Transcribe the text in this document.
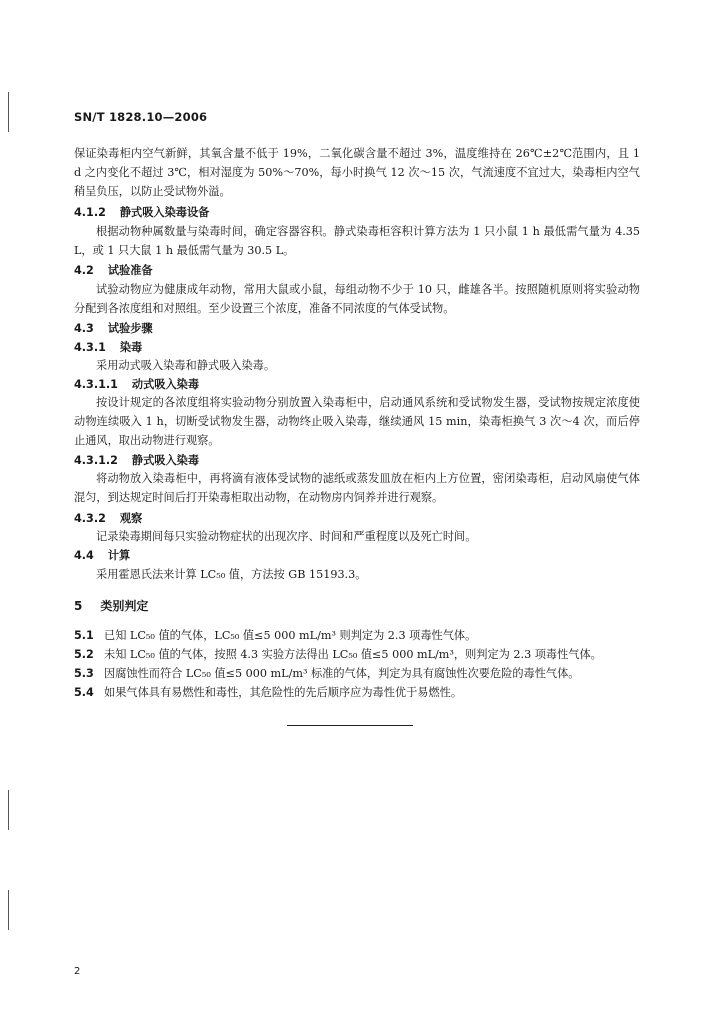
SN/T 1828.10—2006

保证染毒柜内空气新鲜，其氧含量不低于 19%，二氧化碳含量不超过 3%，温度维持在 26℃±2℃范围内，且 1 d 之内变化不超过 3℃，相对湿度为 50%～70%，每小时换气 12 次～15 次，气流速度不宜过大，染毒柜内空气稍呈负压，以防止受试物外溢。

4.1.2 静式吸入染毒设备

根据动物种属数量与染毒时间，确定容器容积。静式染毒柜容积计算方法为 1 只小鼠 1 h 最低需气量为 4.35 L，或 1 只大鼠 1 h 最低需气量为 30.5 L。

4.2 试验准备

试验动物应为健康成年动物，常用大鼠或小鼠，每组动物不少于 10 只，雌雄各半。按照随机原则将实验动物分配到各浓度组和对照组。至少设置三个浓度，准备不同浓度的气体受试物。

4.3 试验步骤
4.3.1 染毒

采用动式吸入染毒和静式吸入染毒。

4.3.1.1 动式吸入染毒

按设计规定的各浓度组将实验动物分别放置入染毒柜中，启动通风系统和受试物发生器，受试物按规定浓度使动物连续吸入 1 h，切断受试物发生器，动物终止吸入染毒，继续通风 15 min，染毒柜换气 3 次～4 次，而后停止通风，取出动物进行观察。

4.3.1.2 静式吸入染毒

将动物放入染毒柜中，再将滴有液体受试物的滤纸或蒸发皿放在柜内上方位置，密闭染毒柜，启动风扇使气体混匀，到达规定时间后打开染毒柜取出动物，在动物房内饲养并进行观察。

4.3.2 观察

记录染毒期间每只实验动物症状的出现次序、时间和严重程度以及死亡时间。

4.4 计算

采用霍恩氏法来计算 LC₅₀ 值，方法按 GB 15193.3。

5 类别判定
5.1 已知 LC₅₀ 值的气体，LC₅₀ 值≤5 000 mL/m³ 则判定为 2.3 项毒性气体。
5.2 未知 LC₅₀ 值的气体，按照 4.3 实验方法得出 LC₅₀ 值≤5 000 mL/m³，则判定为 2.3 项毒性气体。
5.3 因腐蚀性而符合 LC₅₀ 值≤5 000 mL/m³ 标准的气体，判定为具有腐蚀性次要危险的毒性气体。
5.4 如果气体具有易燃性和毒性，其危险性的先后顺序应为毒性优于易燃性。
2
